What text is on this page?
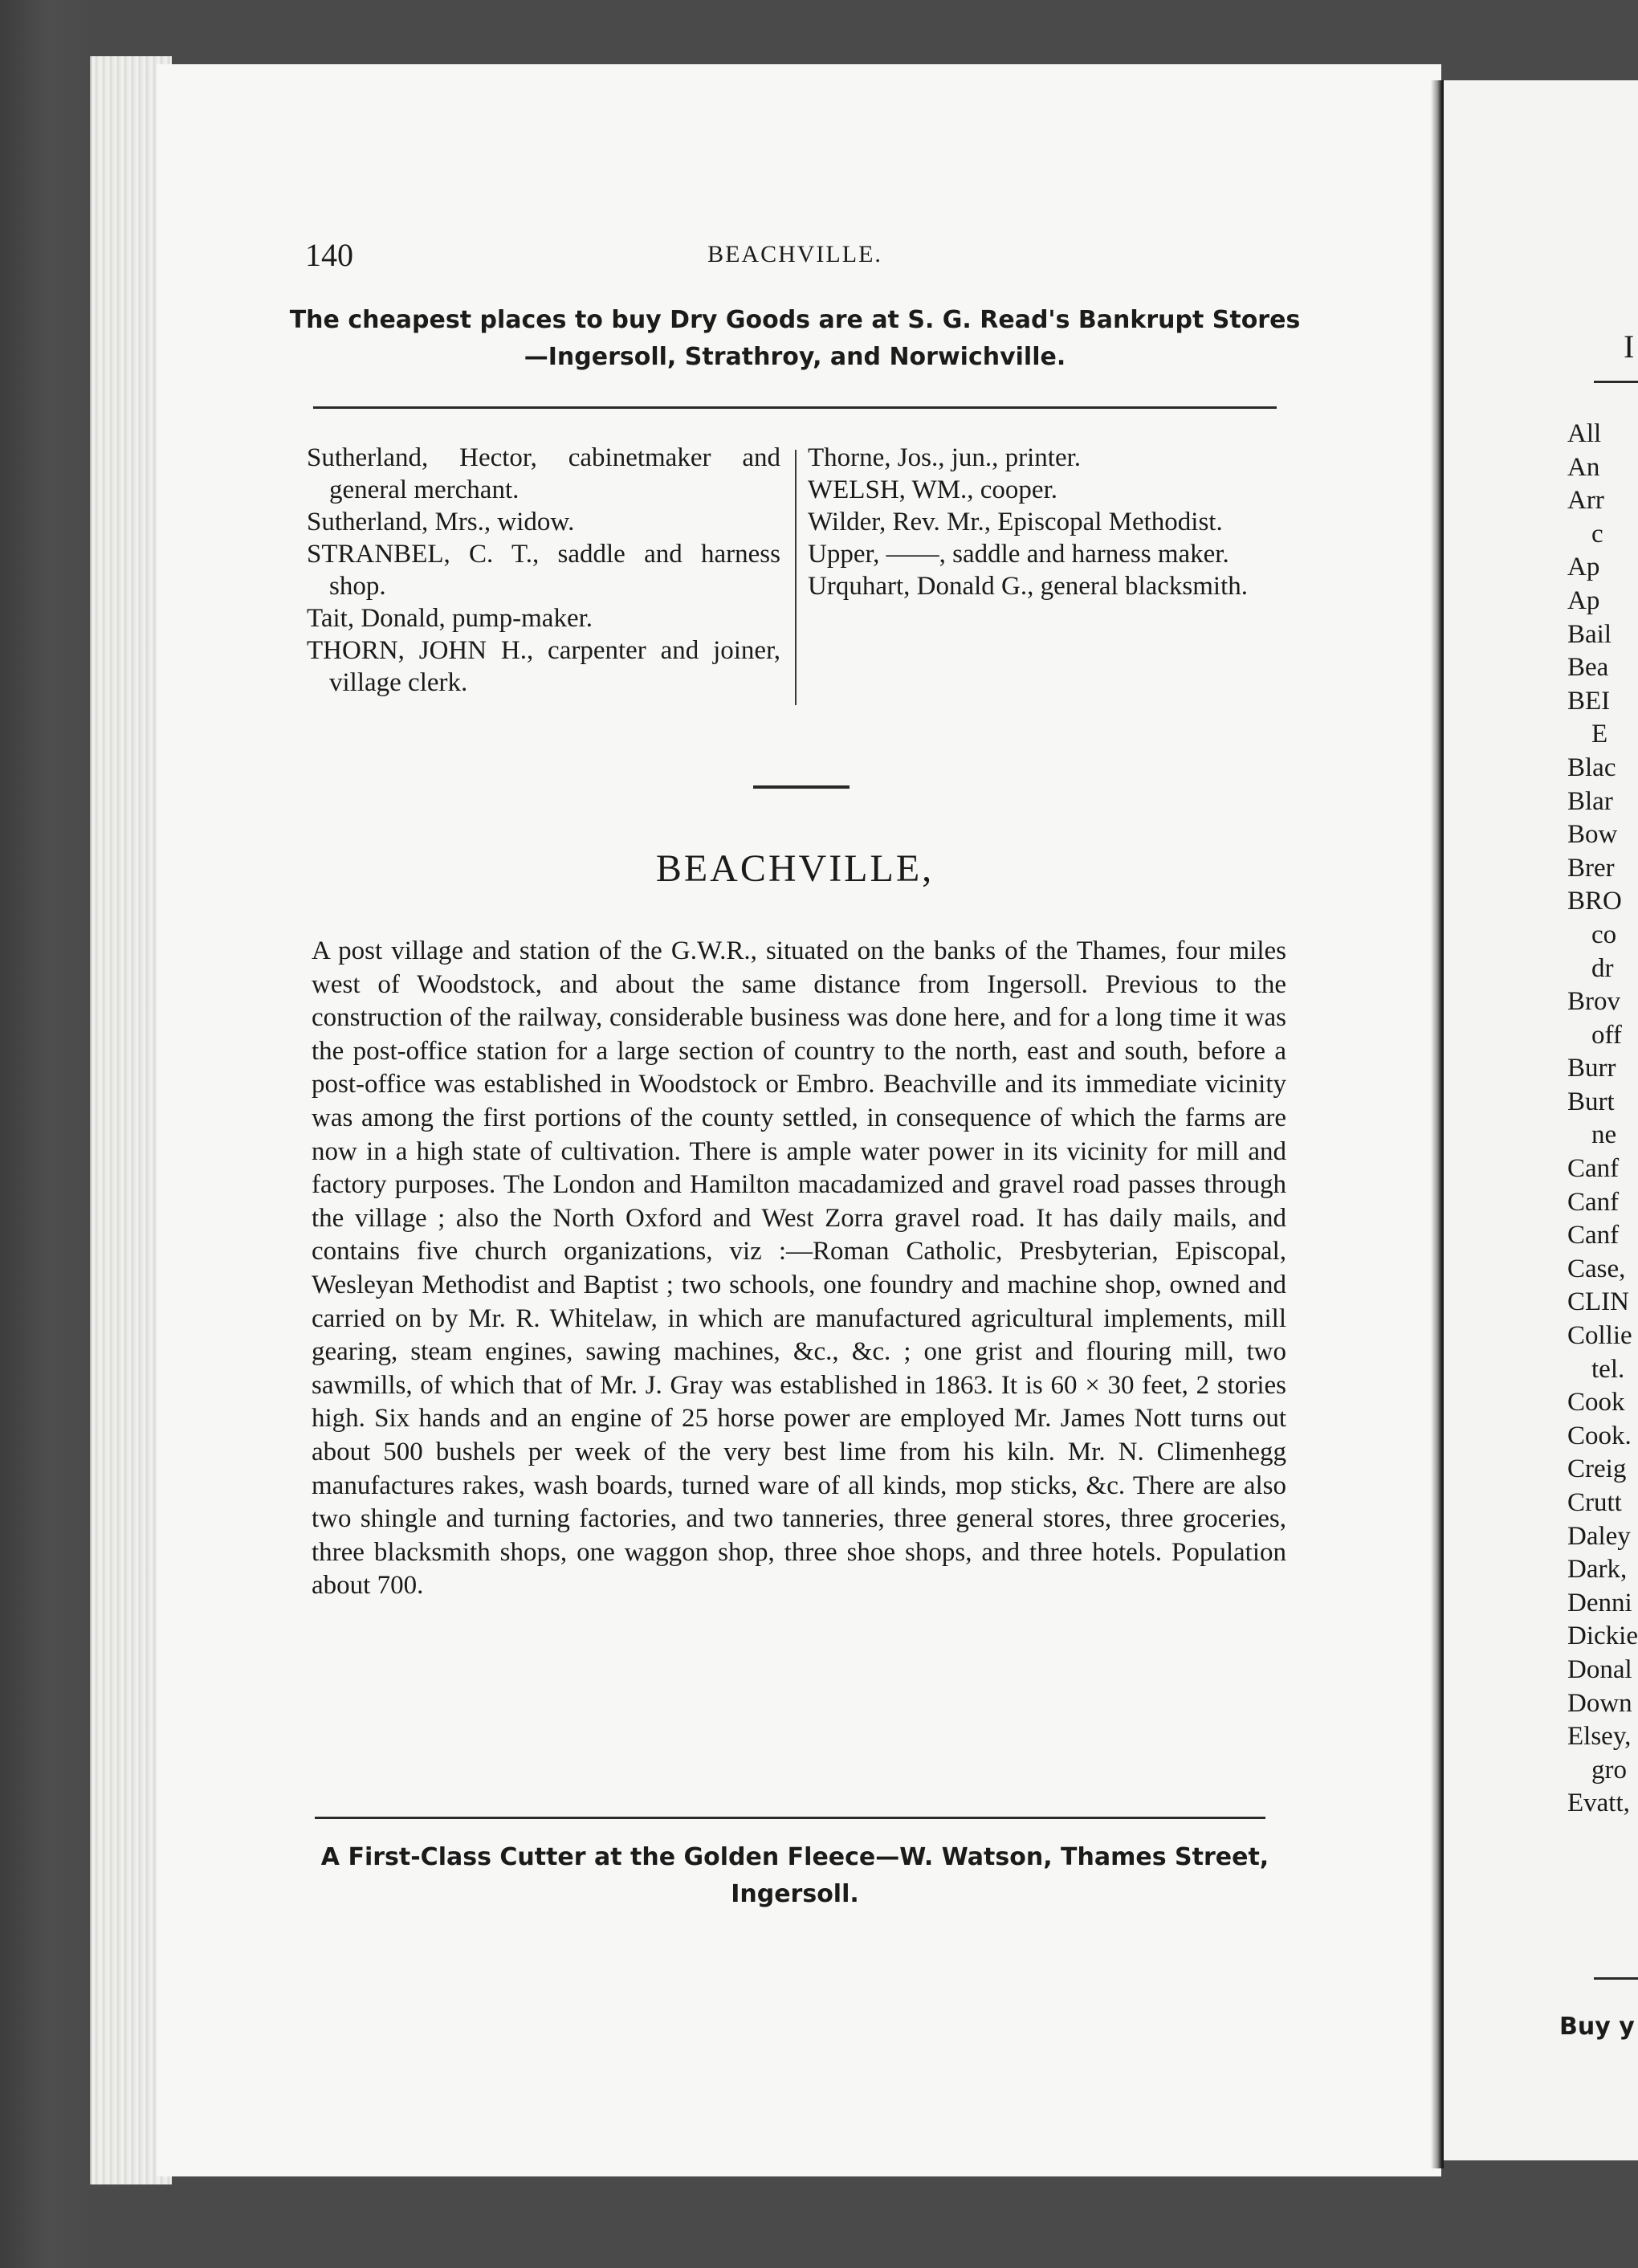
140	BEACHVILLE.
The cheapest places to buy Dry Goods are at S. G. Read's Bankrupt Stores
—Ingersoll, Strathroy, and Norwichville.
Sutherland, Hector, cabinetmaker and general merchant.
Sutherland, Mrs., widow.
STRANBEL, C. T., saddle and harness shop.
Tait, Donald, pump-maker.
THORN, JOHN H., carpenter and joiner, village clerk.
Thorne, Jos., jun., printer.
WELSH, WM., cooper.
Wilder, Rev. Mr., Episcopal Methodist.
Upper, ——, saddle and harness maker.
Urquhart, Donald G., general blacksmith.
BEACHVILLE,
A post village and station of the G.W.R., situated on the banks of the Thames, four miles west of Woodstock, and about the same distance from Ingersoll. Previous to the construction of the railway, considerable business was done here, and for a long time it was the post-office station for a large section of country to the north, east and south, before a post-office was established in Woodstock or Embro. Beachville and its immediate vicinity was among the first portions of the county settled, in consequence of which the farms are now in a high state of cultivation. There is ample water power in its vicinity for mill and factory purposes. The London and Hamilton macadamized and gravel road passes through the village ; also the North Oxford and West Zorra gravel road. It has daily mails, and contains five church organizations, viz :—Roman Catholic, Presbyterian, Episcopal, Wesleyan Methodist and Baptist ; two schools, one foundry and machine shop, owned and carried on by Mr. R. Whitelaw, in which are manufactured agricultural implements, mill gearing, steam engines, sawing machines, &c., &c. ; one grist and flouring mill, two sawmills, of which that of Mr. J. Gray was established in 1863. It is 60 × 30 feet, 2 stories high. Six hands and an engine of 25 horse power are employed Mr. James Nott turns out about 500 bushels per week of the very best lime from his kiln. Mr. N. Climenhegg manufactures rakes, wash boards, turned ware of all kinds, mop sticks, &c. There are also two shingle and turning factories, and two tanneries, three general stores, three groceries, three blacksmith shops, one waggon shop, three shoe shops, and three hotels. Population about 700.
A First-Class Cutter at the Golden Fleece—W. Watson, Thames Street,
Ingersoll.
I
All
An
Arr
c
Ap
Ap
Bail
Bea
BEI
E
Blac
Blar
Bow
Brer
BRO
co
dr
Brov
off
Burr
Burt
ne
Canf
Canf
Canf
Case,
CLIN
Collie
tel.
Cook
Cook.
Creig
Crutt
Daley
Dark,
Denni
Dickie
Donal
Down
Elsey,
gro
Evatt,
Buy y
